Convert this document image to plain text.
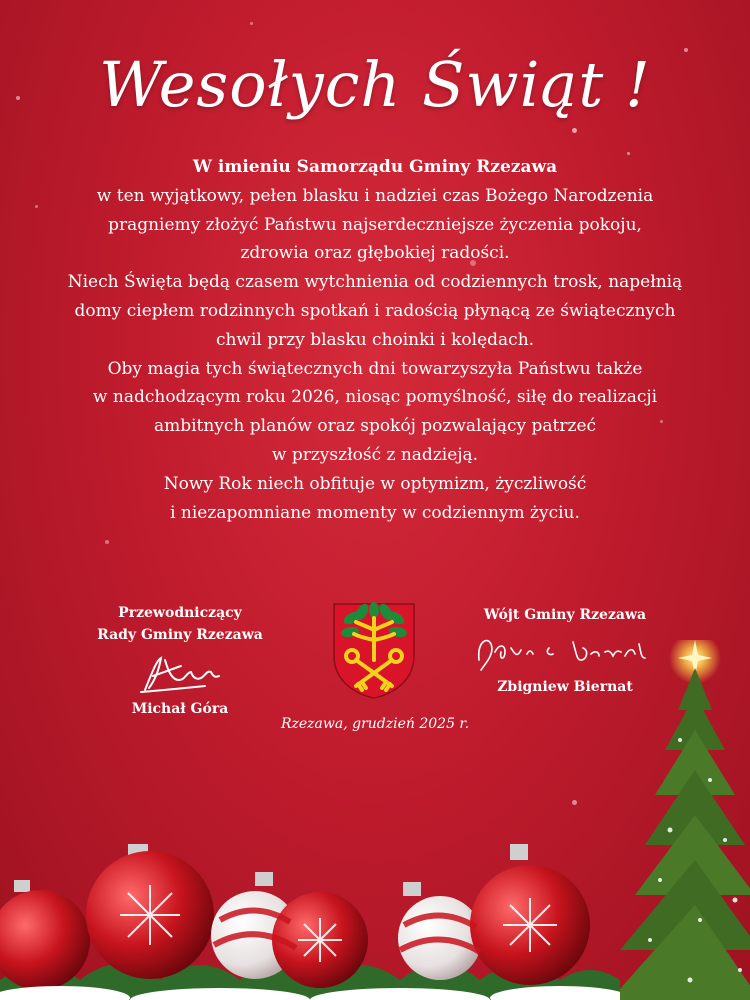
Wesołych Świąt !
W imieniu Samorządu Gminy Rzezawa
w ten wyjątkowy, pełen blasku i nadziei czas Bożego Narodzenia
pragniemy złożyć Państwu najserdeczniejsze życzenia pokoju,
zdrowia oraz głębokiej radości.
Niech Święta będą czasem wytchnienia od codziennych trosk, napełnią
domy ciepłem rodzinnych spotkań i radością płynącą ze świątecznych
chwil przy blasku choinki i kolędach.
Oby magia tych świątecznych dni towarzyszyła Państwu także
w nadchodzącym roku 2026, niosąc pomyślność, siłę do realizacji
ambitnych planów oraz spokój pozwalający patrzeć
w przyszłość z nadzieją.
Nowy Rok niech obfituje w optymizm, życzliwość
i niezapomniane momenty w codziennym życiu.
Przewodniczący
Rady Gminy Rzezawa
Michał Góra
Wójt Gminy Rzezawa
Zbigniew Biernat
Rzezawa, grudzień 2025 r.
